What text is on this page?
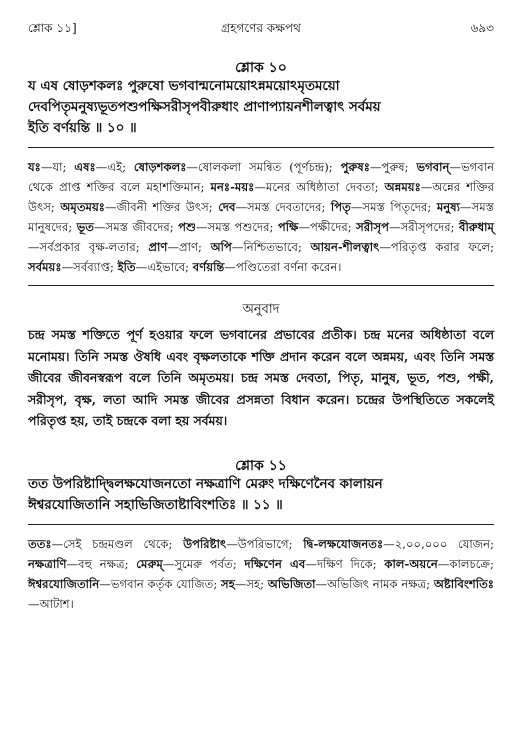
শ্লোক ১১]	গ্রহগণের কক্ষপথ	৬৯৩
শ্লোক ১০
য এষ ষোড়শকলঃ পুরুষো ভগবান্মনোময়োঽন্নময়োঽমৃতময়ো
দেবপিতৃমনুষ্যভূতপশুপক্ষিসরীসৃপবীরুধাং প্রাণাপ্যায়নশীলত্বাৎ সর্বময়
ইতি বর্ণয়ন্তি ॥ ১০ ॥
যঃ—যা; এষঃ—এই; ষোড়শকলঃ—ষোলকলা সমন্বিত (পূর্ণচন্দ্র); পুরুষঃ—পুরুষ; ভগবান্—ভগবান থেকে প্রাপ্ত শক্তির বলে মহাশক্তিমান; মনঃ-ময়ঃ—মনের অধিষ্ঠাতা দেবতা; অন্নময়ঃ—অন্নের শক্তির উৎস; অমৃতময়ঃ—জীবনী শক্তির উৎস; দেব—সমস্ত দেবতাদের; পিতৃ—সমস্ত পিতৃদের; মনুষ্য—সমস্ত মানুষদের; ভূত—সমস্ত জীবদের; পশু—সমস্ত পশুদের; পক্ষি—পক্ষীদের; সরীসৃপ—সরীসৃপদের; বীরুধাম্—সর্বপ্রকার বৃক্ষ-লতার; প্রাণ—প্রাণ; অপি—নিশ্চিতভাবে; আয়ন-শীলত্বাৎ—পরিতৃপ্ত করার ফলে; সর্বময়ঃ—সর্বব্যাপ্ত; ইতি—এইভাবে; বর্ণয়ন্তি—পণ্ডিতেরা বর্ণনা করেন।
অনুবাদ
চন্দ্র সমস্ত শক্তিতে পূর্ণ হওয়ার ফলে ভগবানের প্রভাবের প্রতীক। চন্দ্র মনের অধিষ্ঠাতা বলে মনোময়। তিনি সমস্ত ঔষধি এবং বৃক্ষলতাকে শক্তি প্রদান করেন বলে অন্নময়, এবং তিনি সমস্ত জীবের জীবনস্বরূপ বলে তিনি অমৃতময়। চন্দ্র সমস্ত দেবতা, পিতৃ, মানুষ, ভূত, পশু, পক্ষী, সরীসৃপ, বৃক্ষ, লতা আদি সমস্ত জীবের প্রসন্নতা বিধান করেন। চন্দ্রের উপস্থিতিতে সকলেই পরিতৃপ্ত হয়, তাই চন্দ্রকে বলা হয় সর্বময়।
শ্লোক ১১
তত উপরিষ্টাদ্দ্বিলক্ষযোজনতো নক্ষত্রাণি মেরুং দক্ষিণেনৈব কালায়ন
ঈশ্বরযোজিতানি সহাভিজিতাষ্টাবিংশতিঃ ॥ ১১ ॥
ততঃ—সেই চন্দ্রমণ্ডল থেকে; উপরিষ্টাৎ—উপরিভাগে; দ্বি-লক্ষযোজনতঃ—২,০০,০০০ যোজন; নক্ষত্রাণি—বহু নক্ষত্র; মেরুম্—সুমেরু পর্বত; দক্ষিণেন এব—দক্ষিণ দিকে; কাল-অয়নে—কালচক্রে; ঈশ্বরযোজিতানি—ভগবান কর্তৃক যোজিত; সহ—সহ; অভিজিতা—অভিজিৎ নামক নক্ষত্র; অষ্টাবিংশতিঃ—আটাশ।
